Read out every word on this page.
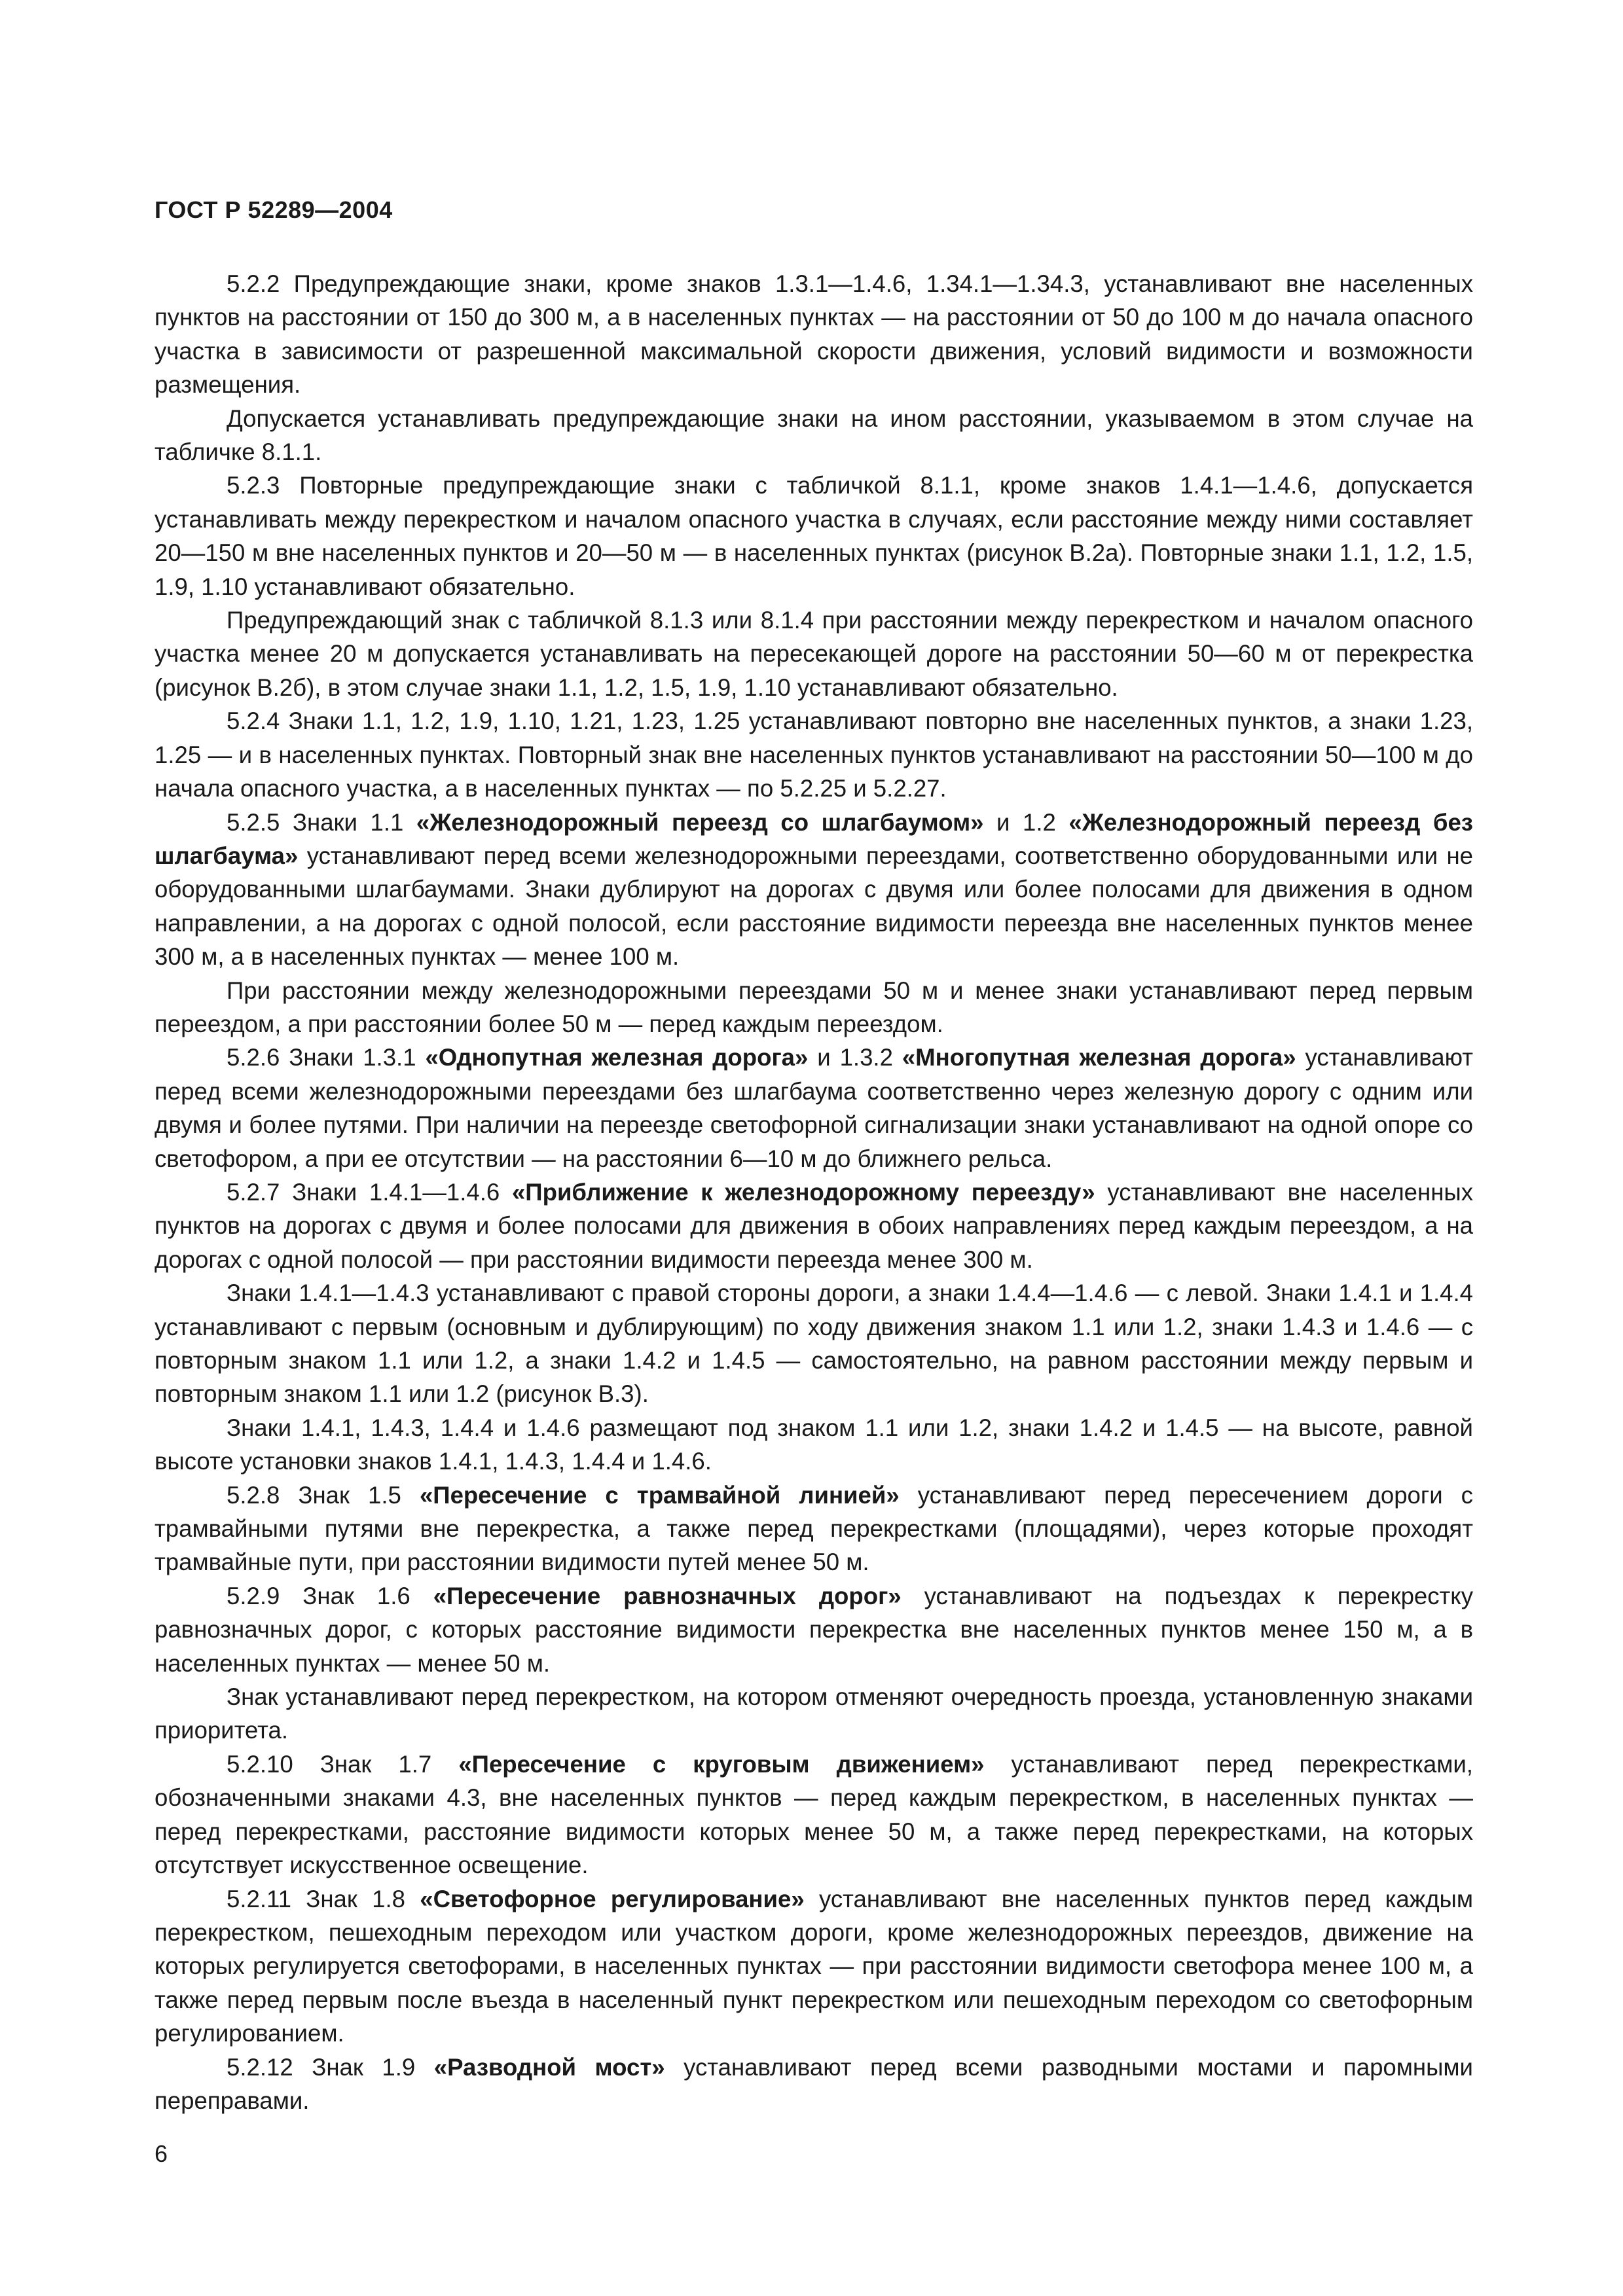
ГОСТ Р 52289—2004

5.2.2 Предупреждающие знаки, кроме знаков 1.3.1—1.4.6, 1.34.1—1.34.3, устанавливают вне населенных пунктов на расстоянии от 150 до 300 м, а в населенных пунктах — на расстоянии от 50 до 100 м до начала опасного участка в зависимости от разрешенной максимальной скорости движения, условий видимости и возможности размещения.

Допускается устанавливать предупреждающие знаки на ином расстоянии, указываемом в этом случае на табличке 8.1.1.

5.2.3 Повторные предупреждающие знаки с табличкой 8.1.1, кроме знаков 1.4.1—1.4.6, допускается устанавливать между перекрестком и началом опасного участка в случаях, если расстояние между ними составляет 20—150 м вне населенных пунктов и 20—50 м — в населенных пунктах (рисунок В.2а). Повторные знаки 1.1, 1.2, 1.5, 1.9, 1.10 устанавливают обязательно.

Предупреждающий знак с табличкой 8.1.3 или 8.1.4 при расстоянии между перекрестком и началом опасного участка менее 20 м допускается устанавливать на пересекающей дороге на расстоянии 50—60 м от перекрестка (рисунок В.2б), в этом случае знаки 1.1, 1.2, 1.5, 1.9, 1.10 устанавливают обязательно.

5.2.4 Знаки 1.1, 1.2, 1.9, 1.10, 1.21, 1.23, 1.25 устанавливают повторно вне населенных пунктов, а знаки 1.23, 1.25 — и в населенных пунктах. Повторный знак вне населенных пунктов устанавливают на расстоянии 50—100 м до начала опасного участка, а в населенных пунктах — по 5.2.25 и 5.2.27.

5.2.5 Знаки 1.1 «Железнодорожный переезд со шлагбаумом» и 1.2 «Железнодорожный переезд без шлагбаума» устанавливают перед всеми железнодорожными переездами, соответственно оборудованными или не оборудованными шлагбаумами. Знаки дублируют на дорогах с двумя или более полосами для движения в одном направлении, а на дорогах с одной полосой, если расстояние видимости переезда вне населенных пунктов менее 300 м, а в населенных пунктах — менее 100 м.

При расстоянии между железнодорожными переездами 50 м и менее знаки устанавливают перед первым переездом, а при расстоянии более 50 м — перед каждым переездом.

5.2.6 Знаки 1.3.1 «Однопутная железная дорога» и 1.3.2 «Многопутная железная дорога» устанавливают перед всеми железнодорожными переездами без шлагбаума соответственно через железную дорогу с одним или двумя и более путями. При наличии на переезде светофорной сигнализации знаки устанавливают на одной опоре со светофором, а при ее отсутствии — на расстоянии 6—10 м до ближнего рельса.

5.2.7 Знаки 1.4.1—1.4.6 «Приближение к железнодорожному переезду» устанавливают вне населенных пунктов на дорогах с двумя и более полосами для движения в обоих направлениях перед каждым переездом, а на дорогах с одной полосой — при расстоянии видимости переезда менее 300 м.

Знаки 1.4.1—1.4.3 устанавливают с правой стороны дороги, а знаки 1.4.4—1.4.6 — с левой. Знаки 1.4.1 и 1.4.4 устанавливают с первым (основным и дублирующим) по ходу движения знаком 1.1 или 1.2, знаки 1.4.3 и 1.4.6 — с повторным знаком 1.1 или 1.2, а знаки 1.4.2 и 1.4.5 — самостоятельно, на равном расстоянии между первым и повторным знаком 1.1 или 1.2 (рисунок В.3).

Знаки 1.4.1, 1.4.3, 1.4.4 и 1.4.6 размещают под знаком 1.1 или 1.2, знаки 1.4.2 и 1.4.5 — на высоте, равной высоте установки знаков 1.4.1, 1.4.3, 1.4.4 и 1.4.6.

5.2.8 Знак 1.5 «Пересечение с трамвайной линией» устанавливают перед пересечением дороги с трамвайными путями вне перекрестка, а также перед перекрестками (площадями), через которые проходят трамвайные пути, при расстоянии видимости путей менее 50 м.

5.2.9 Знак 1.6 «Пересечение равнозначных дорог» устанавливают на подъездах к перекрестку равнозначных дорог, с которых расстояние видимости перекрестка вне населенных пунктов менее 150 м, а в населенных пунктах — менее 50 м.

Знак устанавливают перед перекрестком, на котором отменяют очередность проезда, установленную знаками приоритета.

5.2.10 Знак 1.7 «Пересечение с круговым движением» устанавливают перед перекрестками, обозначенными знаками 4.3, вне населенных пунктов — перед каждым перекрестком, в населенных пунктах — перед перекрестками, расстояние видимости которых менее 50 м, а также перед перекрестками, на которых отсутствует искусственное освещение.

5.2.11 Знак 1.8 «Светофорное регулирование» устанавливают вне населенных пунктов перед каждым перекрестком, пешеходным переходом или участком дороги, кроме железнодорожных переездов, движение на которых регулируется светофорами, в населенных пунктах — при расстоянии видимости светофора менее 100 м, а также перед первым после въезда в населенный пункт перекрестком или пешеходным переходом со светофорным регулированием.

5.2.12 Знак 1.9 «Разводной мост» устанавливают перед всеми разводными мостами и паромными переправами.

6
